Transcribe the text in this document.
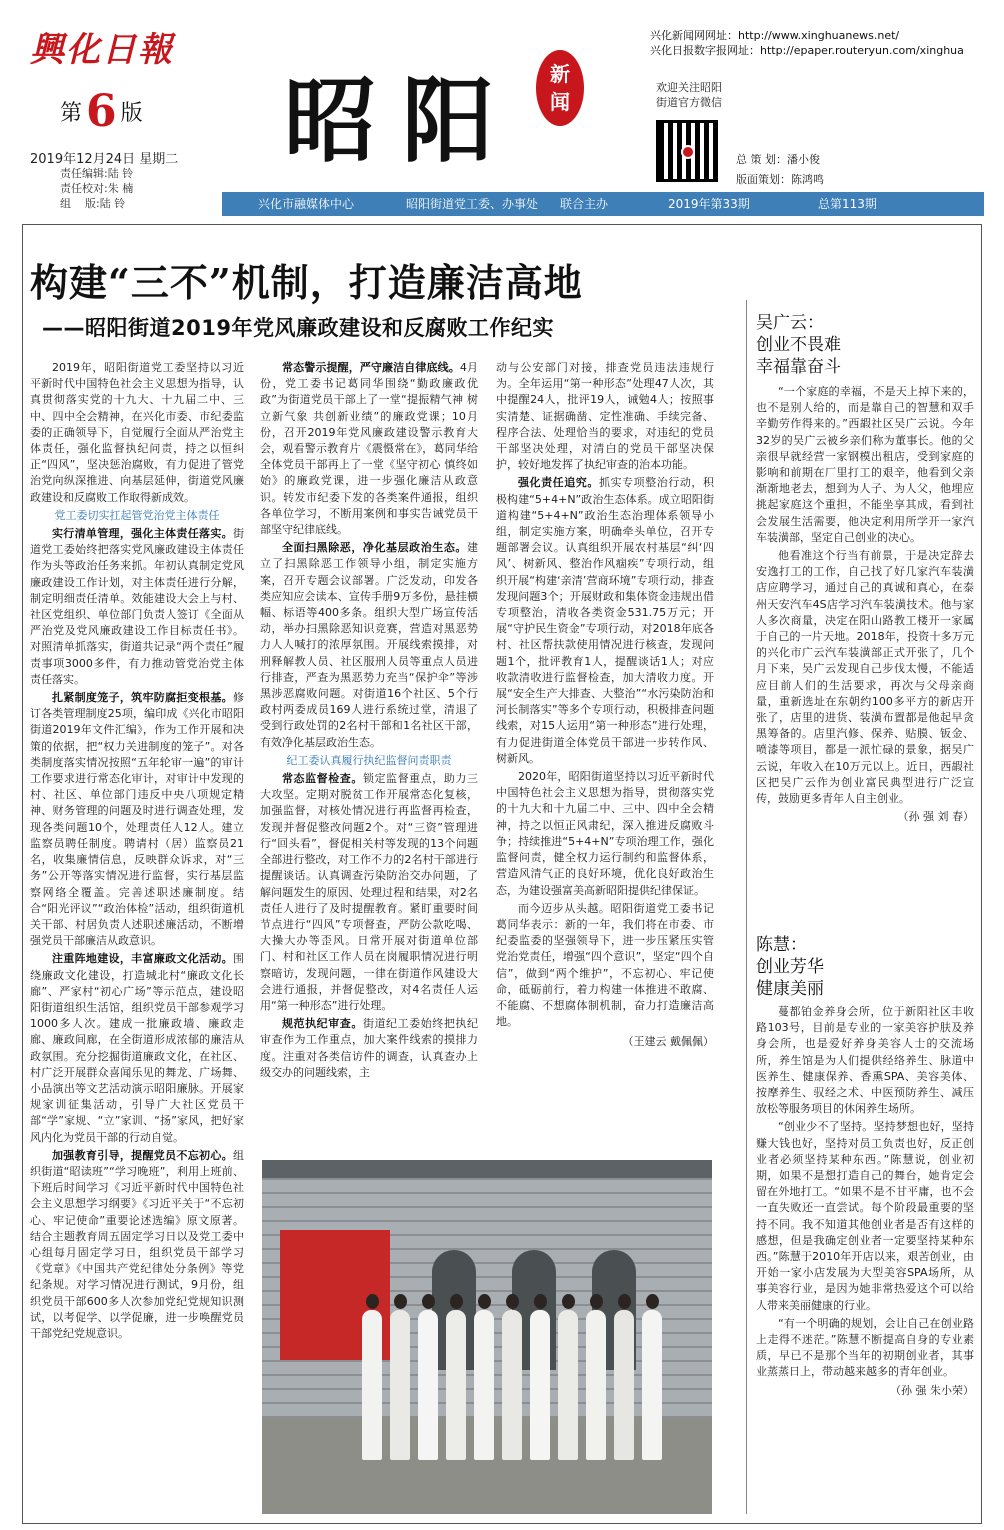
興化日報
第6 版
2019年12月24日 星期二
责任编辑:陆 铃
责任校对:朱 楠
组    版:陆 铃
昭阳 新闻
兴化新闻网网址：http://www.xinghuanews.net/
兴化日报数字报网址：http://epaper.routeryun.com/xinghua
欢迎关注昭阳
街道官方微信
总 策 划：潘小俊
版面策划：陈鸿鸣
兴化市融媒体中心	昭阳街道党工委、办事处 联合主办	2019年第33期	总第113期
构建“三不”机制，打造廉洁高地
——昭阳街道2019年党风廉政建设和反腐败工作纪实

2019年，昭阳街道党工委坚持以习近平新时代中国特色社会主义思想为指导，认真贯彻落实党的十九大、十九届二中、三中、四中全会精神，在兴化市委、市纪委监委的正确领导下，自觉履行全面从严治党主体责任，强化监督执纪问责，持之以恒纠正“四风”，坚决惩治腐败，有力促进了管党治党向纵深推进、向基层延伸，街道党风廉政建设和反腐败工作取得新成效。

党工委切实扛起管党治党主体责任

实行清单管理，强化主体责任落实。街道党工委始终把落实党风廉政建设主体责任作为头等政治任务来抓。年初认真制定党风廉政建设工作计划，对主体责任进行分解，制定明细责任清单。效能建设大会上与村、社区党组织、单位部门负责人签订《全面从严治党及党风廉政建设工作目标责任书》。对照清单抓落实，街道共记录“两个责任”履责事项3000多件，有力推动管党治党主体责任落实。

扎紧制度笼子，筑牢防腐拒变根基。修订各类管理制度25项，编印成《兴化市昭阳街道2019年文件汇编》，作为工作开展和决策的依据，把“权力关进制度的笼子”。对各类制度落实情况按照“五年轮审一遍”的审计工作要求进行常态化审计，对审计中发现的村、社区、单位部门违反中央八项规定精神、财务管理的问题及时进行调查处理，发现各类问题10个，处理责任人12人。建立监察员聘任制度。聘请村（居）监察员21名，收集廉情信息，反映群众诉求，对“三务”公开等落实情况进行监督，实行基层监察网络全覆盖。完善述职述廉制度。结合“阳光评议”“政治体检”活动，组织街道机关干部、村居负责人述职述廉活动，不断增强党员干部廉洁从政意识。

注重阵地建设，丰富廉政文化活动。围绕廉政文化建设，打造城北村“廉政文化长廊”、严家村“初心广场”等示范点，建设昭阳街道组织生活馆，组织党员干部参观学习1000多人次。建成一批廉政墙、廉政走廊、廉政间廊，在全街道形成浓郁的廉洁从政氛围。充分挖掘街道廉政文化，在社区、村广泛开展群众喜闻乐见的舞龙、广场舞、小品演出等文艺活动演示昭阳廉脉。开展家规家训征集活动，引导广大社区党员干部“学”家规、“立”家训、“扬”家风，把好家风内化为党员干部的行动自觉。

加强教育引导，提醒党员不忘初心。组织街道“昭读班”“学习晚班”，利用上班前、下班后时间学习《习近平新时代中国特色社会主义思想学习纲要》《习近平关于“不忘初心、牢记使命”重要论述选编》原文原著。结合主题教育周五固定学习日以及党工委中心组每月固定学习日，组织党员干部学习《党章》《中国共产党纪律处分条例》等党纪条规。对学习情况进行测试，9月份，组织党员干部600多人次参加党纪党规知识测试，以考促学、以学促廉，进一步唤醒党员干部党纪党规意识。

常态警示提醒，严守廉洁自律底线。4月份，党工委书记葛同华围绕“勤政廉政优政”为街道党员干部上了一堂“提振精气神 树立新气象 共创新业绩”的廉政党课；10月份，召开2019年党风廉政建设警示教育大会，观看警示教育片《震慑常在》，葛同华给全体党员干部再上了一堂《坚守初心 慎终如始》的廉政党课，进一步强化廉洁从政意识。转发市纪委下发的各类案件通报，组织各单位学习，不断用案例和事实告诫党员干部坚守纪律底线。

全面扫黑除恶，净化基层政治生态。建立了扫黑除恶工作领导小组，制定实施方案，召开专题会议部署。广泛发动，印发各类应知应会读本、宣传手册9万多份，悬挂横幅、标语等400多条。组织大型广场宣传活动，举办扫黑除恶知识竞赛，营造对黑恶势力人人喊打的浓厚氛围。开展线索摸排，对刑释解教人员、社区服刑人员等重点人员进行排查，严查为黑恶势力充当“保护伞”等涉黑涉恶腐败问题。对街道16个社区、5个行政村两委成员169人进行系统过堂，清退了受到行政处罚的2名村干部和1名社区干部，有效净化基层政治生态。

纪工委认真履行执纪监督问责职责

常态监督检查。锁定监督重点，助力三大攻坚。定期对脱贫工作开展常态化复核，加强监督，对核处情况进行再监督再检查，发现并督促整改问题2个。对“三资”管理进行“回头看”，督促相关村等发现的13个问题全部进行整改，对工作不力的2名村干部进行提醒谈话。认真调查污染防治交办问题，了解问题发生的原因、处理过程和结果，对2名责任人进行了及时提醒教育。紧盯重要时间节点进行“四风”专项督查，严防公款吃喝、大操大办等歪风。日常开展对街道单位部门、村和社区工作人员在岗履职情况进行明察暗访，发现问题，一律在街道作风建设大会进行通报，并督促整改，对4名责任人运用“第一种形态”进行处理。

规范执纪审查。街道纪工委始终把执纪审查作为工作重点，加大案件线索的摸排力度。注重对各类信访件的调查，认真查办上级交办的问题线索，主

动与公安部门对接，排查党员违法违规行为。全年运用“第一种形态”处理47人次，其中提醒24人，批评19人，诫勉4人；按照事实清楚、证据确凿、定性准确、手续完备、程序合法、处理恰当的要求，对违纪的党员干部坚决处理，对清白的党员干部坚决保护，较好地发挥了执纪审查的治本功能。

强化责任追究。抓实专项整治行动，积极构建“5+4+N”政治生态体系。成立昭阳街道构建“5+4+N”政治生态治理体系领导小组，制定实施方案，明确牵头单位，召开专题部署会议。认真组织开展农村基层“纠‘四风’、树新风、整治作风痼疾”专项行动，组织开展“构建‘亲清’营商环境”专项行动，排查发现问题3个；开展财政和集体资金违规出借专项整治，清收各类资金531.75万元；开展“守护民生资金”专项行动，对2018年底各村、社区帮扶款使用情况进行核查，发现问题1个，批评教育1人，提醒谈话1人；对应收款清收进行监督检查，加大清收力度。开展“安全生产大排查、大整治”“水污染防治和河长制落实”等多个专项行动，积极排查问题线索，对15人运用“第一种形态”进行处理，有力促进街道全体党员干部进一步转作风、树新风。

2020年，昭阳街道坚持以习近平新时代中国特色社会主义思想为指导，贯彻落实党的十九大和十九届二中、三中、四中全会精神，持之以恒正风肃纪，深入推进反腐败斗争；持续推进“5+4+N”专项治理工作，强化监督问责，健全权力运行制约和监督体系，营造风清气正的良好环境，优化良好政治生态，为建设强富美高新昭阳提供纪律保证。

而今迈步从头越。昭阳街道党工委书记葛同华表示：新的一年，我们将在市委、市纪委监委的坚强领导下，进一步压紧压实管党治党责任，增强“四个意识”，坚定“四个自信”，做到“两个维护”，不忘初心、牢记使命，砥砺前行，着力构建一体推进不敢腐、不能腐、不想腐体制机制，奋力打造廉洁高地。

（王建云 戴佩佩）

吴广云：
创业不畏难
幸福靠奋斗

“一个家庭的幸福，不是天上掉下来的，也不是别人给的，而是靠自己的智慧和双手辛勤劳作得来的。”西嘏社区吴广云说。今年32岁的吴广云被乡亲们称为董事长。他的父亲很早就经营一家钢模出租店，受到家庭的影响和前期在厂里打工的艰辛，他看到父亲渐渐地老去，想到为人子、为人父，他埋应挑起家庭这个重担，不能坐享其成，看到社会发展生活需要，他决定利用所学开一家汽车装潢部，坚定自己创业的决心。

他看准这个行当有前景，于是决定辞去安逸打工的工作，自己找了好几家汽车装潢店应聘学习，通过自己的真诚和真心，在泰州天安汽车4S店学习汽车装潢技术。他与家人多次商量，决定在阳山路教工楼开一家属于自己的一片天地。2018年，投资十多万元的兴化市广云汽车装潢部正式开张了，几个月下来，吴广云发现自己步伐太慢，不能适应目前人们的生活要求，再次与父母亲商量，重新选址在东朝约100多平方的新店开张了，店里的进货、装潢布置都是他起早贪黑筹备的。店里汽修、保养、贴膜、钣金、喷漆等项目，都是一派忙碌的景象，据吴广云说，年收入在10万元以上。近日，西嘏社区把吴广云作为创业富民典型进行广泛宣传，鼓励更多青年人自主创业。

（孙 强 刘 春）

陈慧：
创业芳华
健康美丽

蔓都铂金养身会所，位于新阳社区丰收路103号，目前是专业的一家美容护肤及养身会所，也是爱好养身美容人士的交流场所，养生馆是为人们提供经络养生、脉道中医养生、健康保养、香熏SPA、美容美体、按摩养生、驭经之术、中医预防养生、减压放松等服务项目的休闲养生场所。

“创业少不了坚持。坚持梦想也好，坚持赚大钱也好，坚持对员工负责也好，反正创业者必须坚持某种东西。”陈慧说，创业初期，如果不是想打造自己的舞台，她肯定会留在外地打工。“如果不是不甘平庸，也不会一直失败还一直尝试。每个阶段最重要的坚持不同。我不知道其他创业者是否有这样的感想，但是我确定创业者一定要坚持某种东西。”陈慧于2010年开店以来，艰苦创业，由开始一家小店发展为大型美容SPA场所，从事美容行业，是因为她非常热爱这个可以给人带来美丽健康的行业。

“有一个明确的规划，会让自己在创业路上走得不迷茫。”陈慧不断提高自身的专业素质，早已不是那个当年的初期创业者，其事业蒸蒸日上，带动越来越多的青年创业。

（孙 强 朱小荣）
